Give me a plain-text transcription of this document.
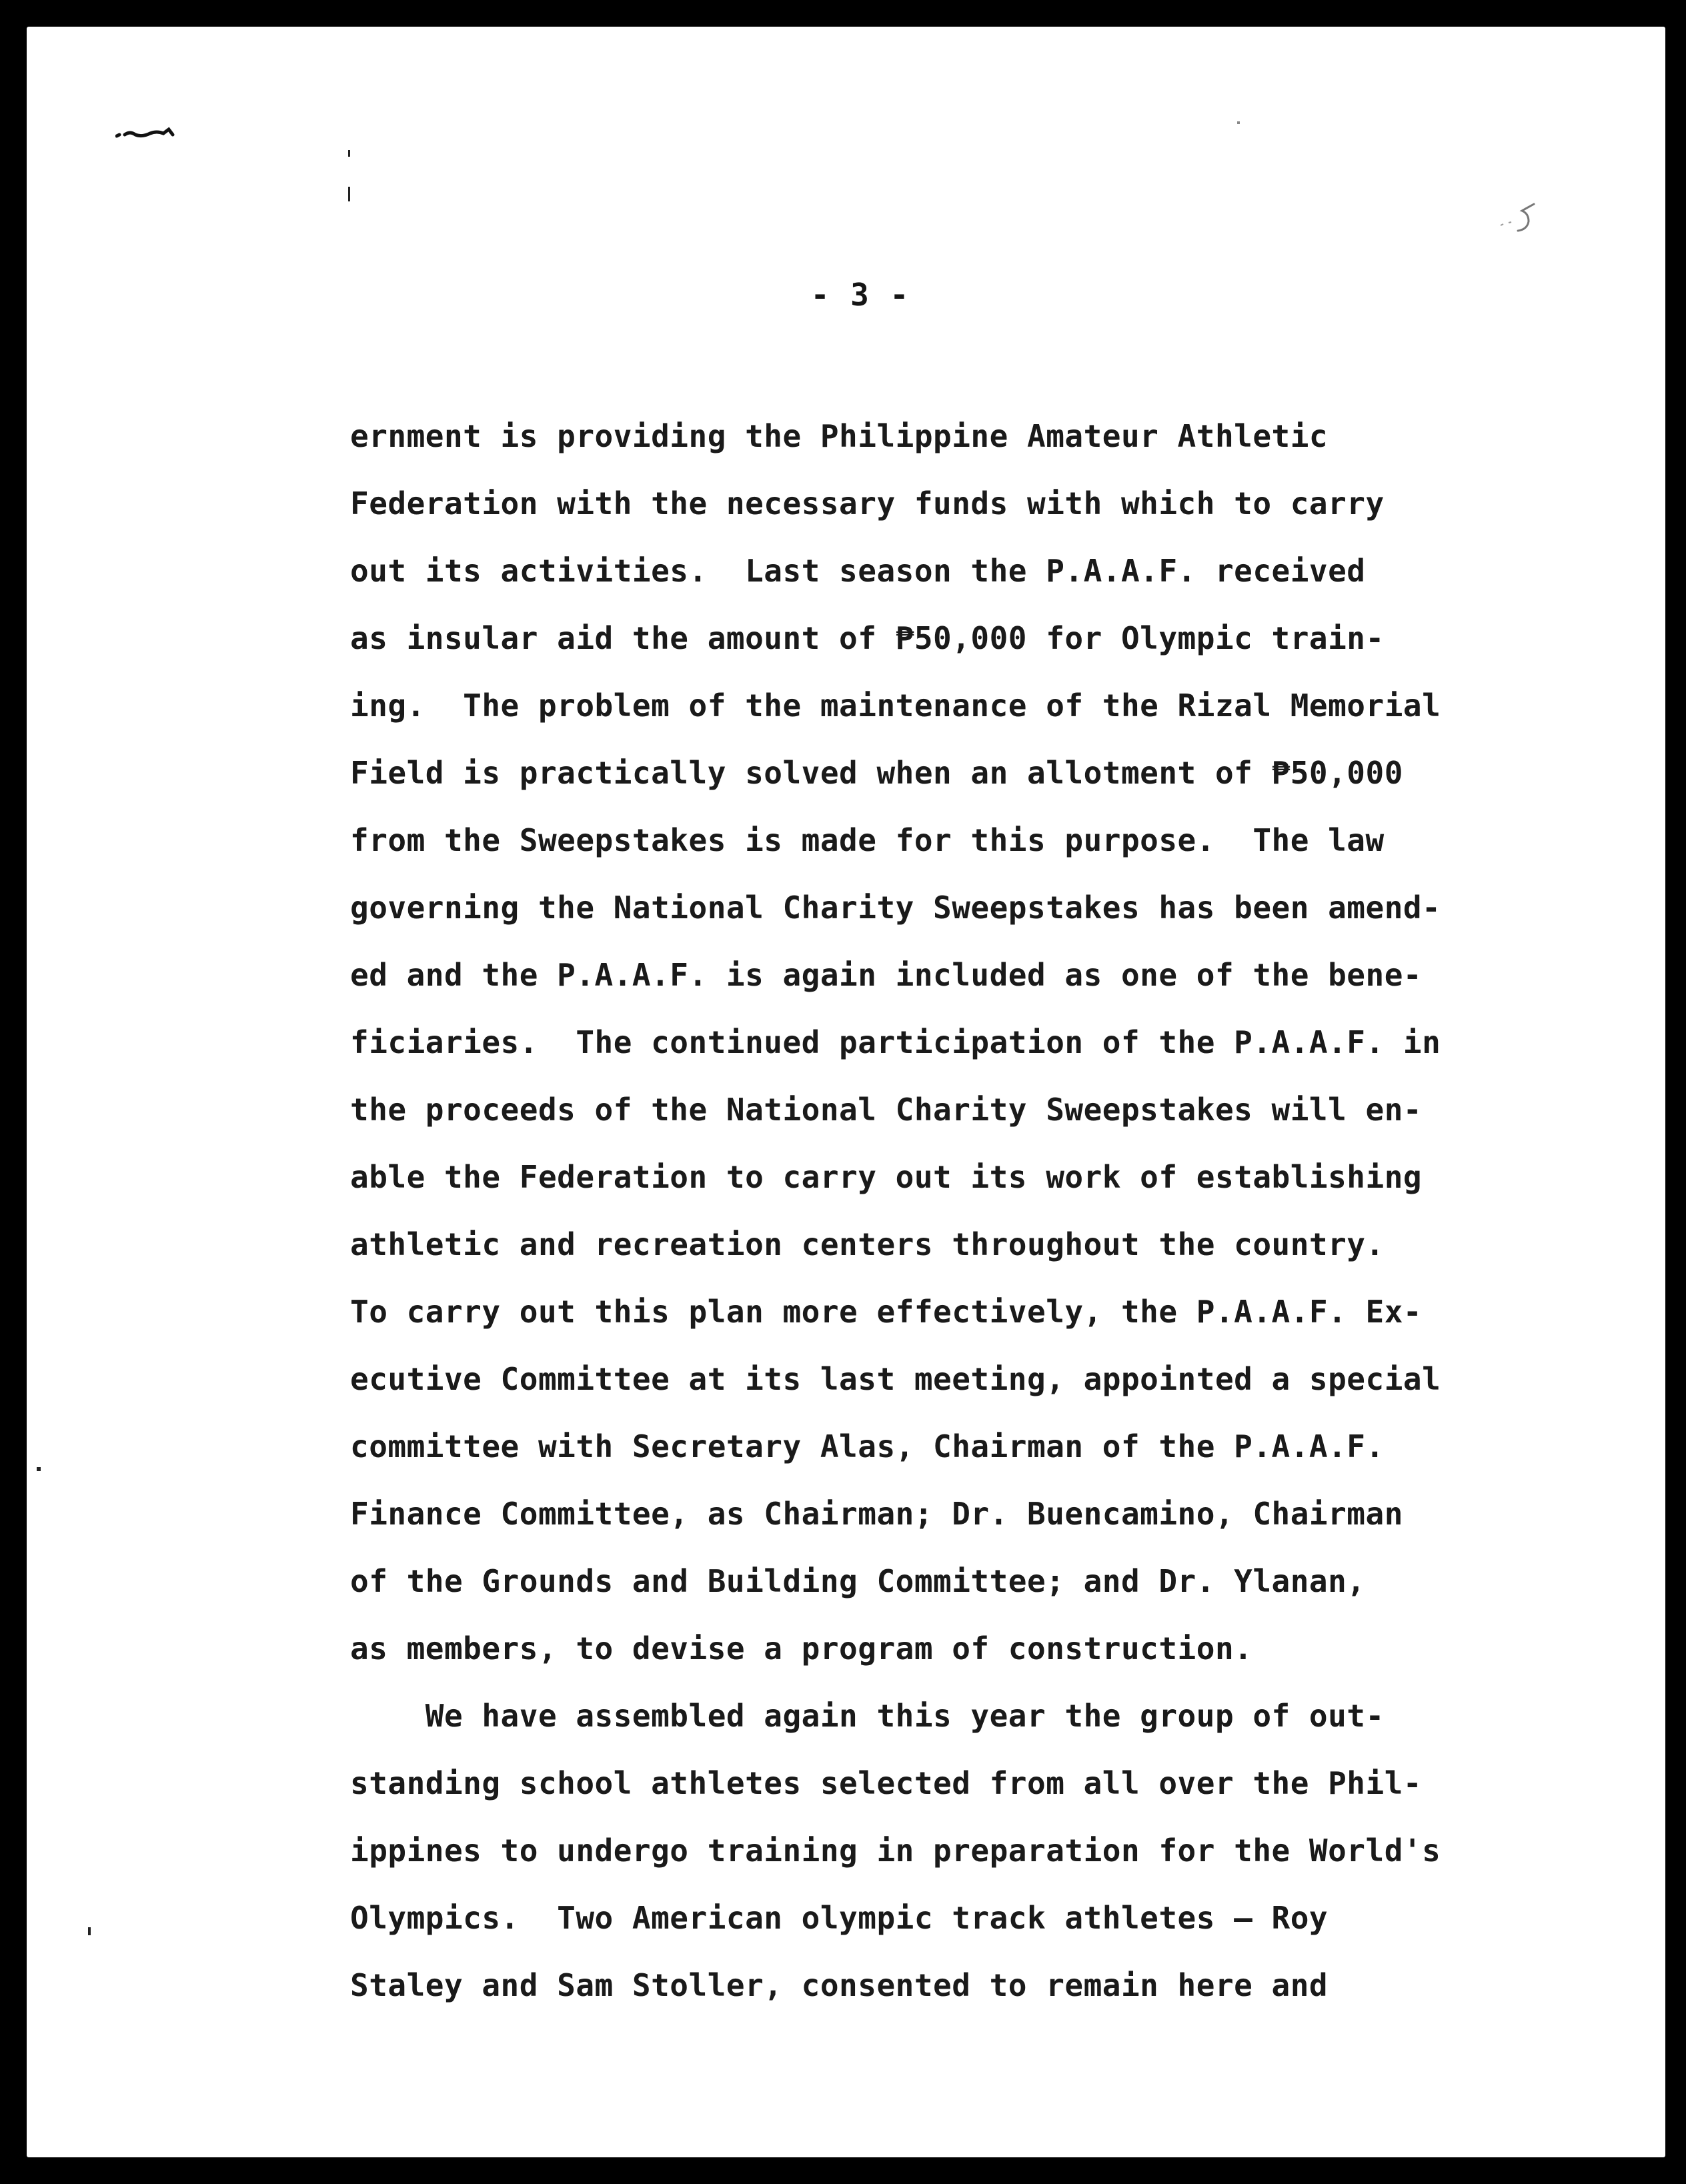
- 3 -
ernment is providing the Philippine Amateur Athletic
Federation with the necessary funds with which to carry
out its activities.  Last season the P.A.A.F. received
as insular aid the amount of ₱50,000 for Olympic train-
ing.  The problem of the maintenance of the Rizal Memorial
Field is practically solved when an allotment of ₱50,000
from the Sweepstakes is made for this purpose.  The law
governing the National Charity Sweepstakes has been amend-
ed and the P.A.A.F. is again included as one of the bene-
ficiaries.  The continued participation of the P.A.A.F. in
the proceeds of the National Charity Sweepstakes will en-
able the Federation to carry out its work of establishing
athletic and recreation centers throughout the country.
To carry out this plan more effectively, the P.A.A.F. Ex-
ecutive Committee at its last meeting, appointed a special
committee with Secretary Alas, Chairman of the P.A.A.F.
Finance Committee, as Chairman; Dr. Buencamino, Chairman
of the Grounds and Building Committee; and Dr. Ylanan,
as members, to devise a program of construction.
We have assembled again this year the group of out-
standing school athletes selected from all over the Phil-
ippines to undergo training in preparation for the World's
Olympics.  Two American olympic track athletes — Roy
Staley and Sam Stoller, consented to remain here and
